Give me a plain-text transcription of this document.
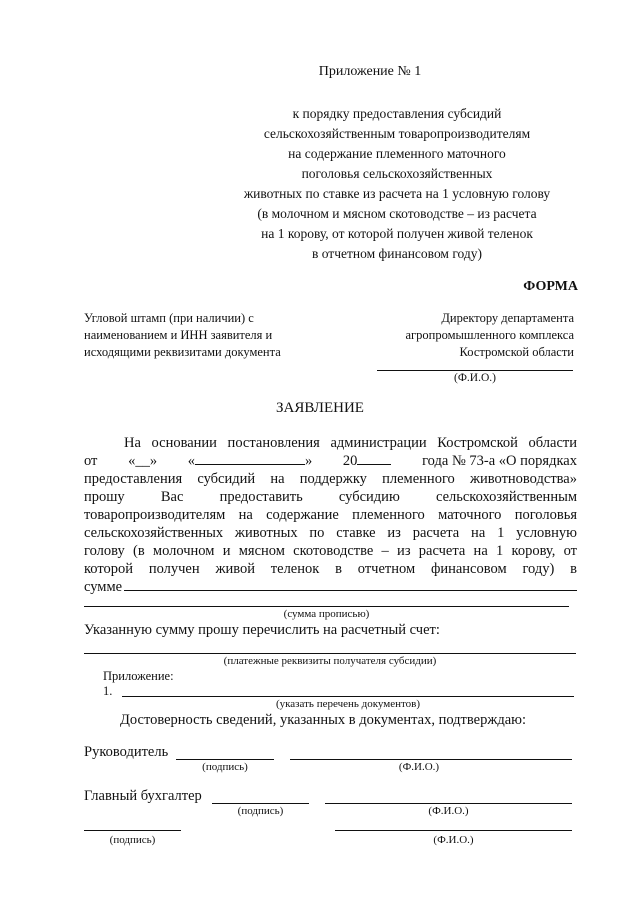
Приложение № 1
к порядку предоставления субсидий
сельскохозяйственным товаропроизводителям
на содержание племенного маточного
поголовья сельскохозяйственных
животных по ставке из расчета на 1 условную голову
(в молочном и мясном скотоводстве – из расчета
на 1 корову, от которой получен живой теленок
в отчетном финансовом году)
ФОРМА
Угловой штамп (при наличии) с
наименованием и ИНН заявителя и
исходящими реквизитами документа
Директору департамента
агропромышленного комплекса
Костромской области
(Ф.И.О.)
ЗАЯВЛЕНИЕ
На основании постановления администрации Костромской области
от «__» «	» 20	года № 73-а «О порядках
предоставления субсидий на поддержку племенного животноводства»
прошу Вас предоставить субсидию сельскохозяйственным
товаропроизводителям на содержание племенного маточного поголовья
сельскохозяйственных животных по ставке из расчета на 1 условную
голову (в молочном и мясном скотоводстве – из расчета на 1 корову, от
которой получен живой теленок в отчетном финансовом году) в
сумме
(сумма прописью)
Указанную сумму прошу перечислить на расчетный счет:
(платежные реквизиты получателя субсидии)
Приложение:
1.
(указать перечень документов)
Достоверность сведений, указанных в документах, подтверждаю:
Руководитель
(подпись)	(Ф.И.О.)
Главный бухгалтер
(подпись)	(Ф.И.О.)
(подпись)	(Ф.И.О.)
